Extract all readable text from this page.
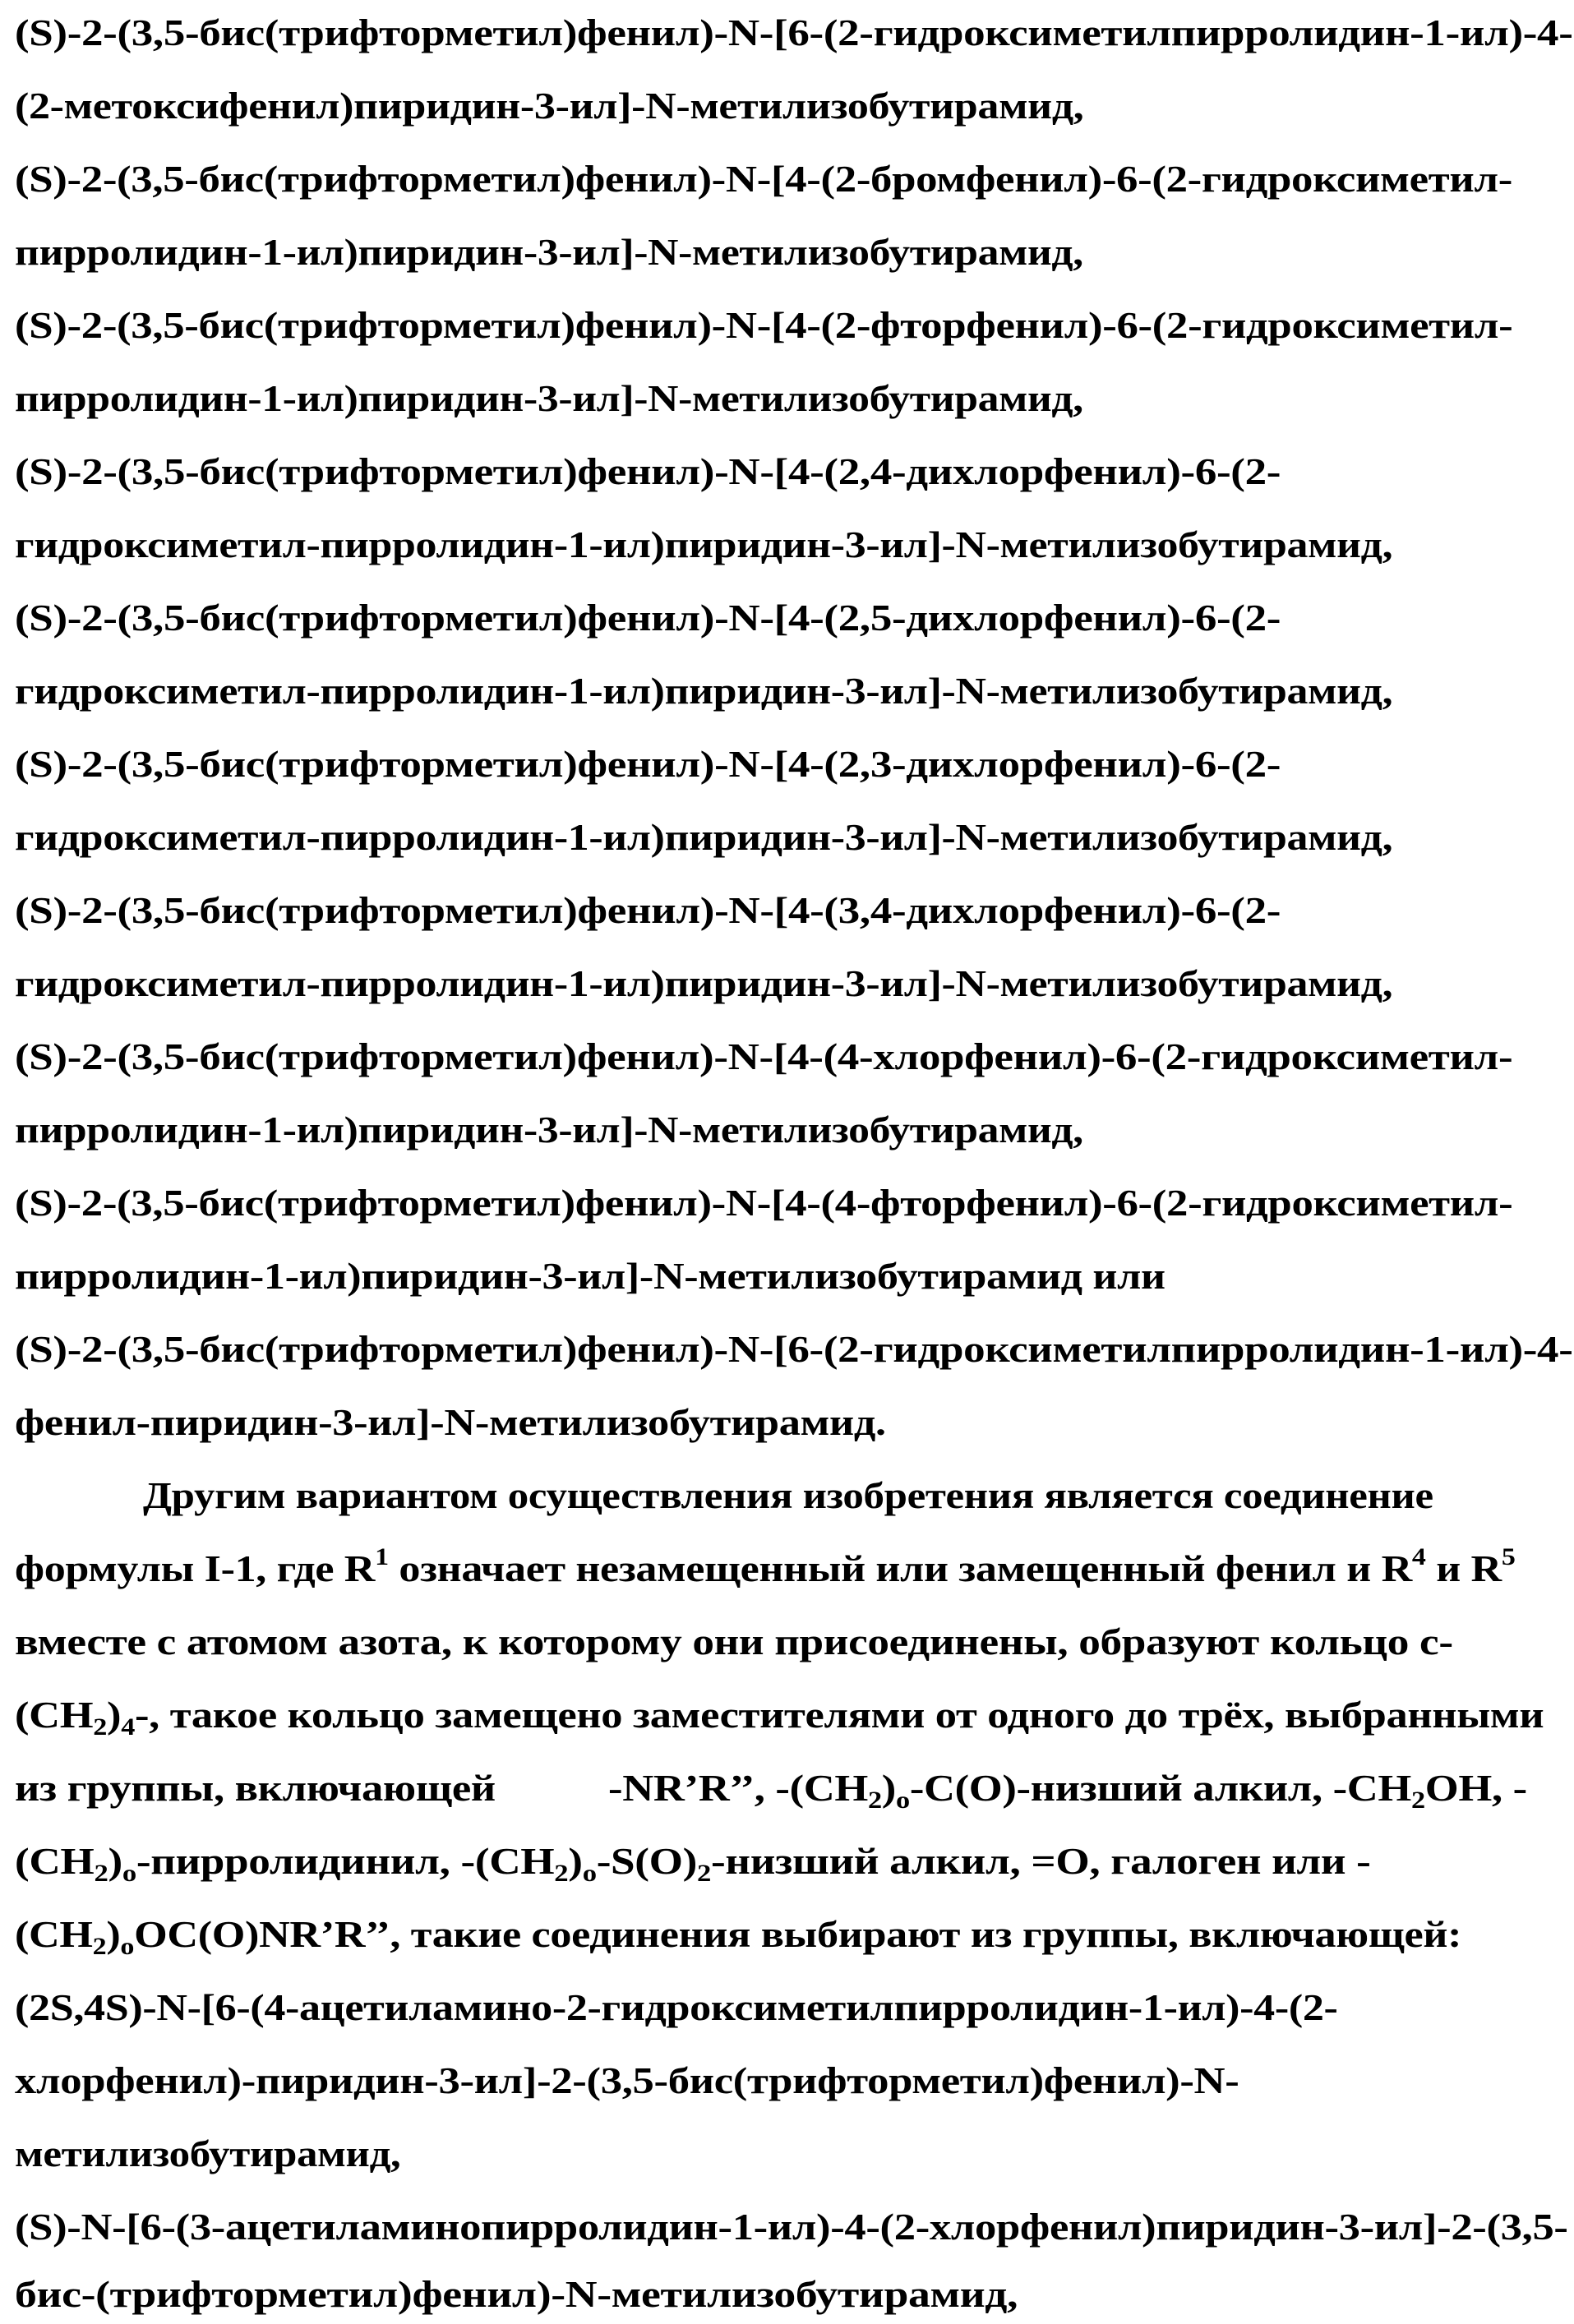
(S)-2-(3,5-бис(трифторметил)фенил)-N-[6-(2-гидроксиметилпирролидин-1-ил)-4-
(2-метоксифенил)пиридин-3-ил]-N-метилизобутирамид,
(S)-2-(3,5-бис(трифторметил)фенил)-N-[4-(2-бромфенил)-6-(2-гидроксиметил-
пирролидин-1-ил)пиридин-3-ил]-N-метилизобутирамид,
(S)-2-(3,5-бис(трифторметил)фенил)-N-[4-(2-фторфенил)-6-(2-гидроксиметил-
пирролидин-1-ил)пиридин-3-ил]-N-метилизобутирамид,
(S)-2-(3,5-бис(трифторметил)фенил)-N-[4-(2,4-дихлорфенил)-6-(2-
гидроксиметил-пирролидин-1-ил)пиридин-3-ил]-N-метилизобутирамид,
(S)-2-(3,5-бис(трифторметил)фенил)-N-[4-(2,5-дихлорфенил)-6-(2-
гидроксиметил-пирролидин-1-ил)пиридин-3-ил]-N-метилизобутирамид,
(S)-2-(3,5-бис(трифторметил)фенил)-N-[4-(2,3-дихлорфенил)-6-(2-
гидроксиметил-пирролидин-1-ил)пиридин-3-ил]-N-метилизобутирамид,
(S)-2-(3,5-бис(трифторметил)фенил)-N-[4-(3,4-дихлорфенил)-6-(2-
гидроксиметил-пирролидин-1-ил)пиридин-3-ил]-N-метилизобутирамид,
(S)-2-(3,5-бис(трифторметил)фенил)-N-[4-(4-хлорфенил)-6-(2-гидроксиметил-
пирролидин-1-ил)пиридин-3-ил]-N-метилизобутирамид,
(S)-2-(3,5-бис(трифторметил)фенил)-N-[4-(4-фторфенил)-6-(2-гидроксиметил-
пирролидин-1-ил)пиридин-3-ил]-N-метилизобутирамид или
(S)-2-(3,5-бис(трифторметил)фенил)-N-[6-(2-гидроксиметилпирролидин-1-ил)-4-
фенил-пиридин-3-ил]-N-метилизобутирамид.
Другим вариантом осуществления изобретения является соединение
формулы I-1, где $R^1$ означает незамещенный или замещенный фенил и $R^4$ и $R^5$
вместе с атомом азота, к которому они присоединены, образуют кольцо с-
$(CH_2)_4-$, такое кольцо замещено заместителями от одного до трёх, выбранными
из группы, включающей	-NR’R’’, $-(CH_2)_o-C(O)$-низший алкил, $-CH_2OH$, -
$(CH_2)_o$-пирролидинил, $-(CH_2)_o-S(O)_2$-низший алкил, =O, галоген или -
$(CH_2)_oOC(O)NR’R$’’, такие соединения выбирают из группы, включающей:
(2S,4S)-N-[6-(4-ацетиламино-2-гидроксиметилпирролидин-1-ил)-4-(2-
хлорфенил)-пиридин-3-ил]-2-(3,5-бис(трифторметил)фенил)-N-
метилизобутирамид,
(S)-N-[6-(3-ацетиламинопирролидин-1-ил)-4-(2-хлорфенил)пиридин-3-ил]-2-(3,5-
бис-(трифторметил)фенил)-N-метилизобутирамид,
